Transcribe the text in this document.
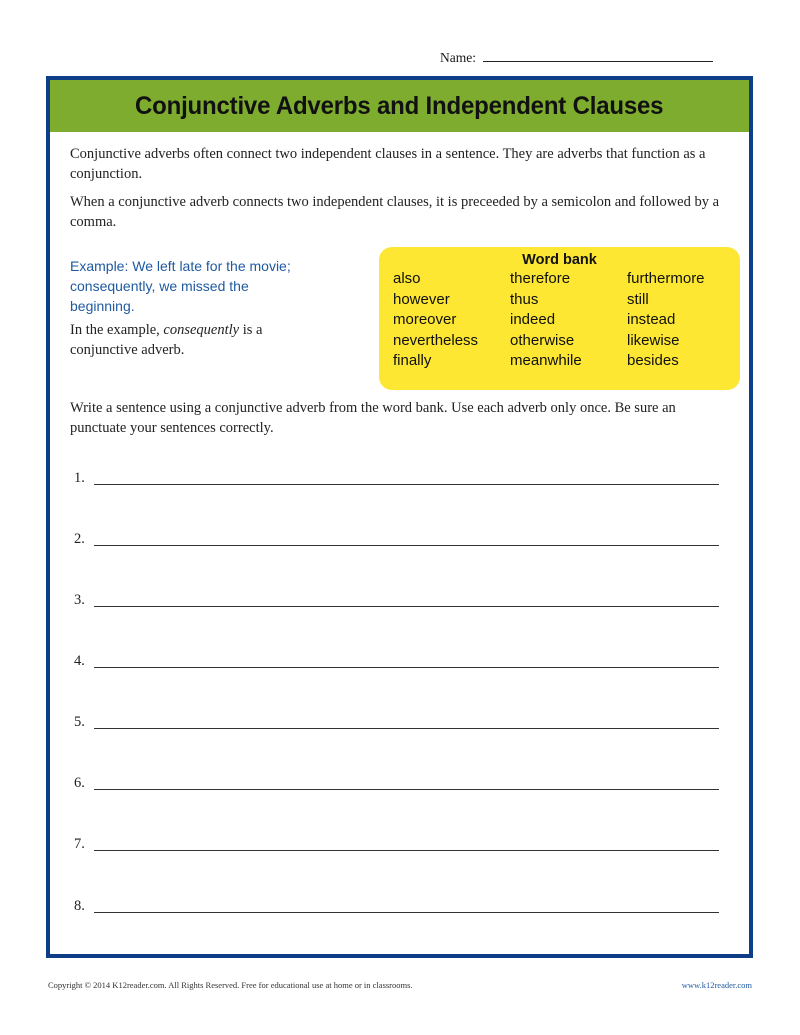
Name:
Conjunctive Adverbs and Independent Clauses

Conjunctive adverbs often connect two independent clauses in a sentence. They are adverbs that function as a conjunction.

When a conjunctive adverb connects two independent clauses, it is preceeded by a semicolon and followed by a comma.

Example: We left late for the movie; consequently, we missed the beginning.

In the example, consequently is a conjunctive adverb.

Word bank
also	therefore	furthermore
however	thus	still
moreover	indeed	instead
nevertheless	otherwise	likewise
finally	meanwhile	besides

Write a sentence using a conjunctive adverb from the word bank. Use each adverb only once. Be sure an punctuate your sentences correctly.

1.
2.
3.
4.
5.
6.
7.
8.
Copyright © 2014 K12reader.com. All Rights Reserved. Free for educational use at home or in classrooms.	www.k12reader.com
